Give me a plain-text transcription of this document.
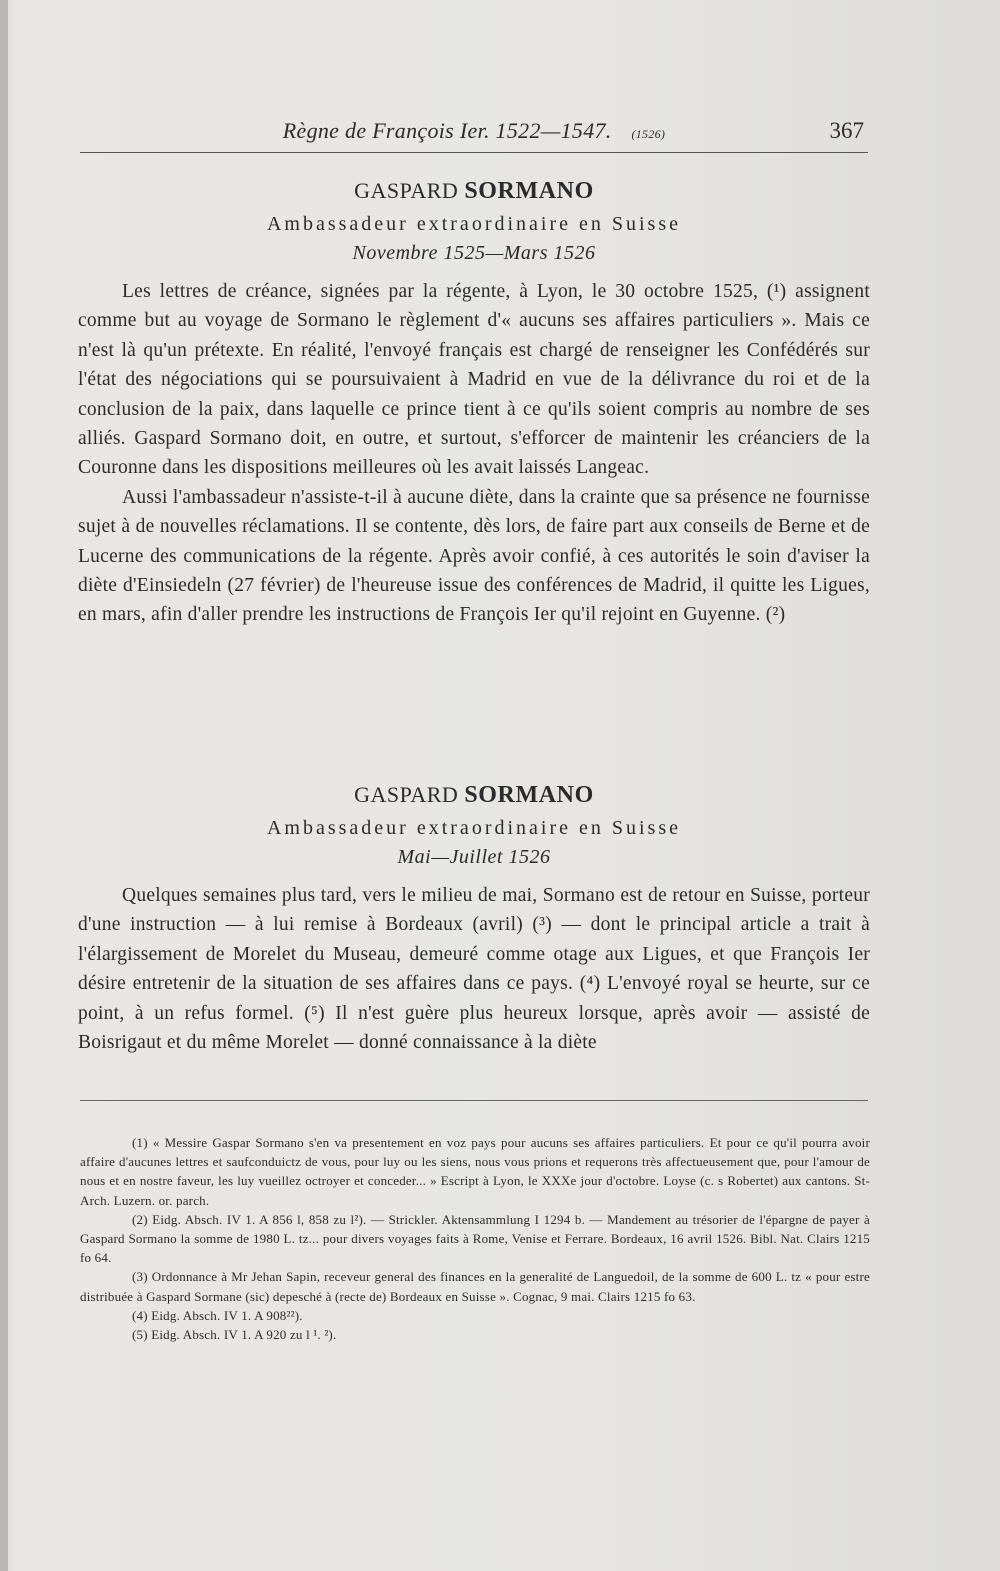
Règne de François Ier. 1522—1547. (1526)	367

GASPARD SORMANO

Ambassadeur extraordinaire en Suisse
Novembre 1525—Mars 1526

Les lettres de créance, signées par la régente, à Lyon, le 30 octobre 1525, (¹) assignent comme but au voyage de Sormano le règlement d'« aucuns ses affaires particuliers ». Mais ce n'est là qu'un prétexte. En réalité, l'envoyé français est chargé de renseigner les Confédérés sur l'état des négociations qui se poursuivaient à Madrid en vue de la délivrance du roi et de la conclusion de la paix, dans laquelle ce prince tient à ce qu'ils soient compris au nombre de ses alliés. Gaspard Sormano doit, en outre, et surtout, s'efforcer de maintenir les créanciers de la Couronne dans les dispositions meilleures où les avait laissés Langeac.

Aussi l'ambassadeur n'assiste-t-il à aucune diète, dans la crainte que sa présence ne fournisse sujet à de nouvelles réclamations. Il se contente, dès lors, de faire part aux conseils de Berne et de Lucerne des communications de la régente. Après avoir confié, à ces autorités le soin d'aviser la diète d'Einsiedeln (27 février) de l'heureuse issue des conférences de Madrid, il quitte les Ligues, en mars, afin d'aller prendre les instructions de François Ier qu'il rejoint en Guyenne. (²)

GASPARD SORMANO

Ambassadeur extraordinaire en Suisse
Mai—Juillet 1526

Quelques semaines plus tard, vers le milieu de mai, Sormano est de retour en Suisse, porteur d'une instruction — à lui remise à Bordeaux (avril) (³) — dont le principal article a trait à l'élargissement de Morelet du Museau, demeuré comme otage aux Ligues, et que François Ier désire entretenir de la situation de ses affaires dans ce pays. (⁴) L'envoyé royal se heurte, sur ce point, à un refus formel. (⁵) Il n'est guère plus heureux lorsque, après avoir — assisté de Boisrigaut et du même Morelet — donné connaissance à la diète

(1) « Messire Gaspar Sormano s'en va presentement en voz pays pour aucuns ses affaires particuliers. Et pour ce qu'il pourra avoir affaire d'aucunes lettres et saufconduictz de vous, pour luy ou les siens, nous vous prions et requerons très affectueusement que, pour l'amour de nous et en nostre faveur, les luy vueillez octroyer et conceder... » Escript à Lyon, le XXXe jour d'octobre. Loyse (c. s Robertet) aux cantons. St-Arch. Luzern. or. parch.

(2) Eidg. Absch. IV 1. A 856 l, 858 zu l²). — Strickler. Aktensammlung I 1294 b. — Mandement au trésorier de l'épargne de payer à Gaspard Sormano la somme de 1980 L. tz... pour divers voyages faits à Rome, Venise et Ferrare. Bordeaux, 16 avril 1526. Bibl. Nat. Clairs 1215 fo 64.

(3) Ordonnance à Mr Jehan Sapin, receveur general des finances en la generalité de Languedoil, de la somme de 600 L. tz « pour estre distribuée à Gaspard Sormane (sic) depesché à (recte de) Bordeaux en Suisse ». Cognac, 9 mai. Clairs 1215 fo 63.

(4) Eidg. Absch. IV 1. A 908²²).

(5) Eidg. Absch. IV 1. A 920 zu l ¹. ²).
